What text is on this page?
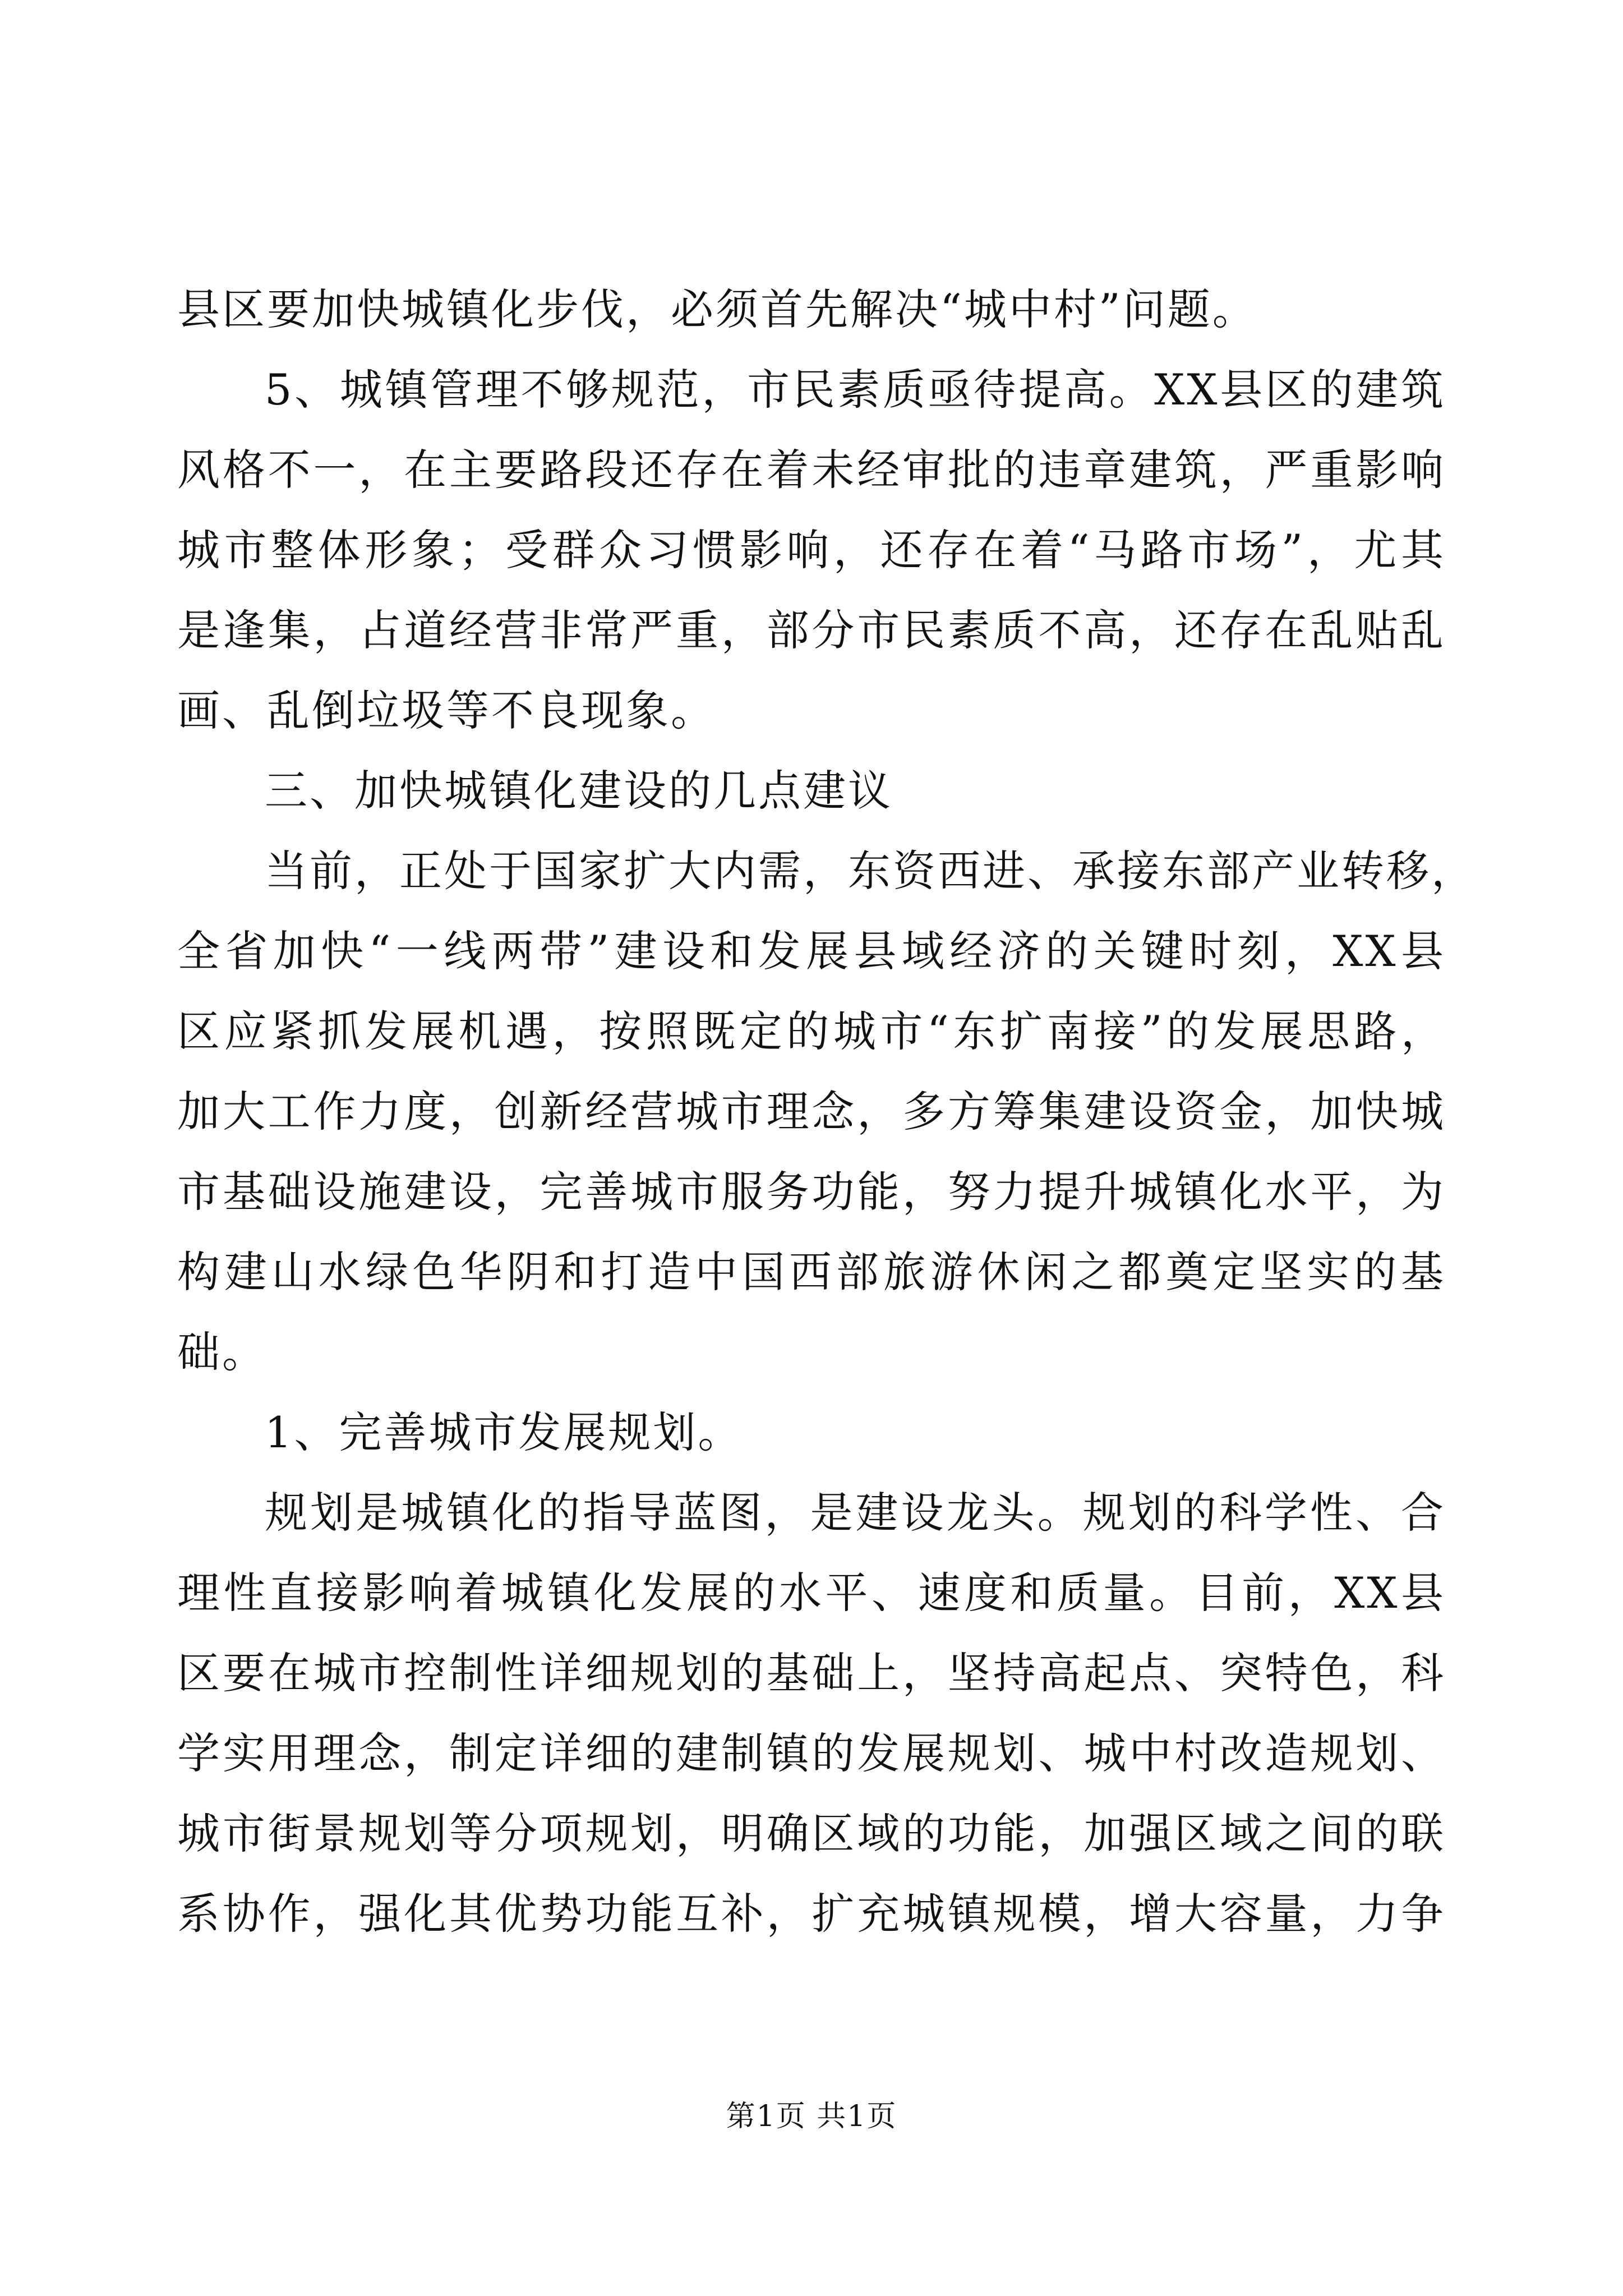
县区要加快城镇化步伐，必须首先解决“城中村”问题。
5、城镇管理不够规范，市民素质亟待提高。XX县区的建筑
风格不一，在主要路段还存在着未经审批的违章建筑，严重影响
城市整体形象；受群众习惯影响，还存在着“马路市场”，尤其
是逢集，占道经营非常严重，部分市民素质不高，还存在乱贴乱
画、乱倒垃圾等不良现象。
三、加快城镇化建设的几点建议
当前，正处于国家扩大内需，东资西进、承接东部产业转移，
全省加快“一线两带”建设和发展县域经济的关键时刻，XX县
区应紧抓发展机遇，按照既定的城市“东扩南接”的发展思路，
加大工作力度，创新经营城市理念，多方筹集建设资金，加快城
市基础设施建设，完善城市服务功能，努力提升城镇化水平，为
构建山水绿色华阴和打造中国西部旅游休闲之都奠定坚实的基
础。
1、完善城市发展规划。
规划是城镇化的指导蓝图，是建设龙头。规划的科学性、合
理性直接影响着城镇化发展的水平、速度和质量。目前，XX县
区要在城市控制性详细规划的基础上，坚持高起点、突特色，科
学实用理念，制定详细的建制镇的发展规划、城中村改造规划、
城市街景规划等分项规划，明确区域的功能，加强区域之间的联
系协作，强化其优势功能互补，扩充城镇规模，增大容量，力争
第1页 共1页
